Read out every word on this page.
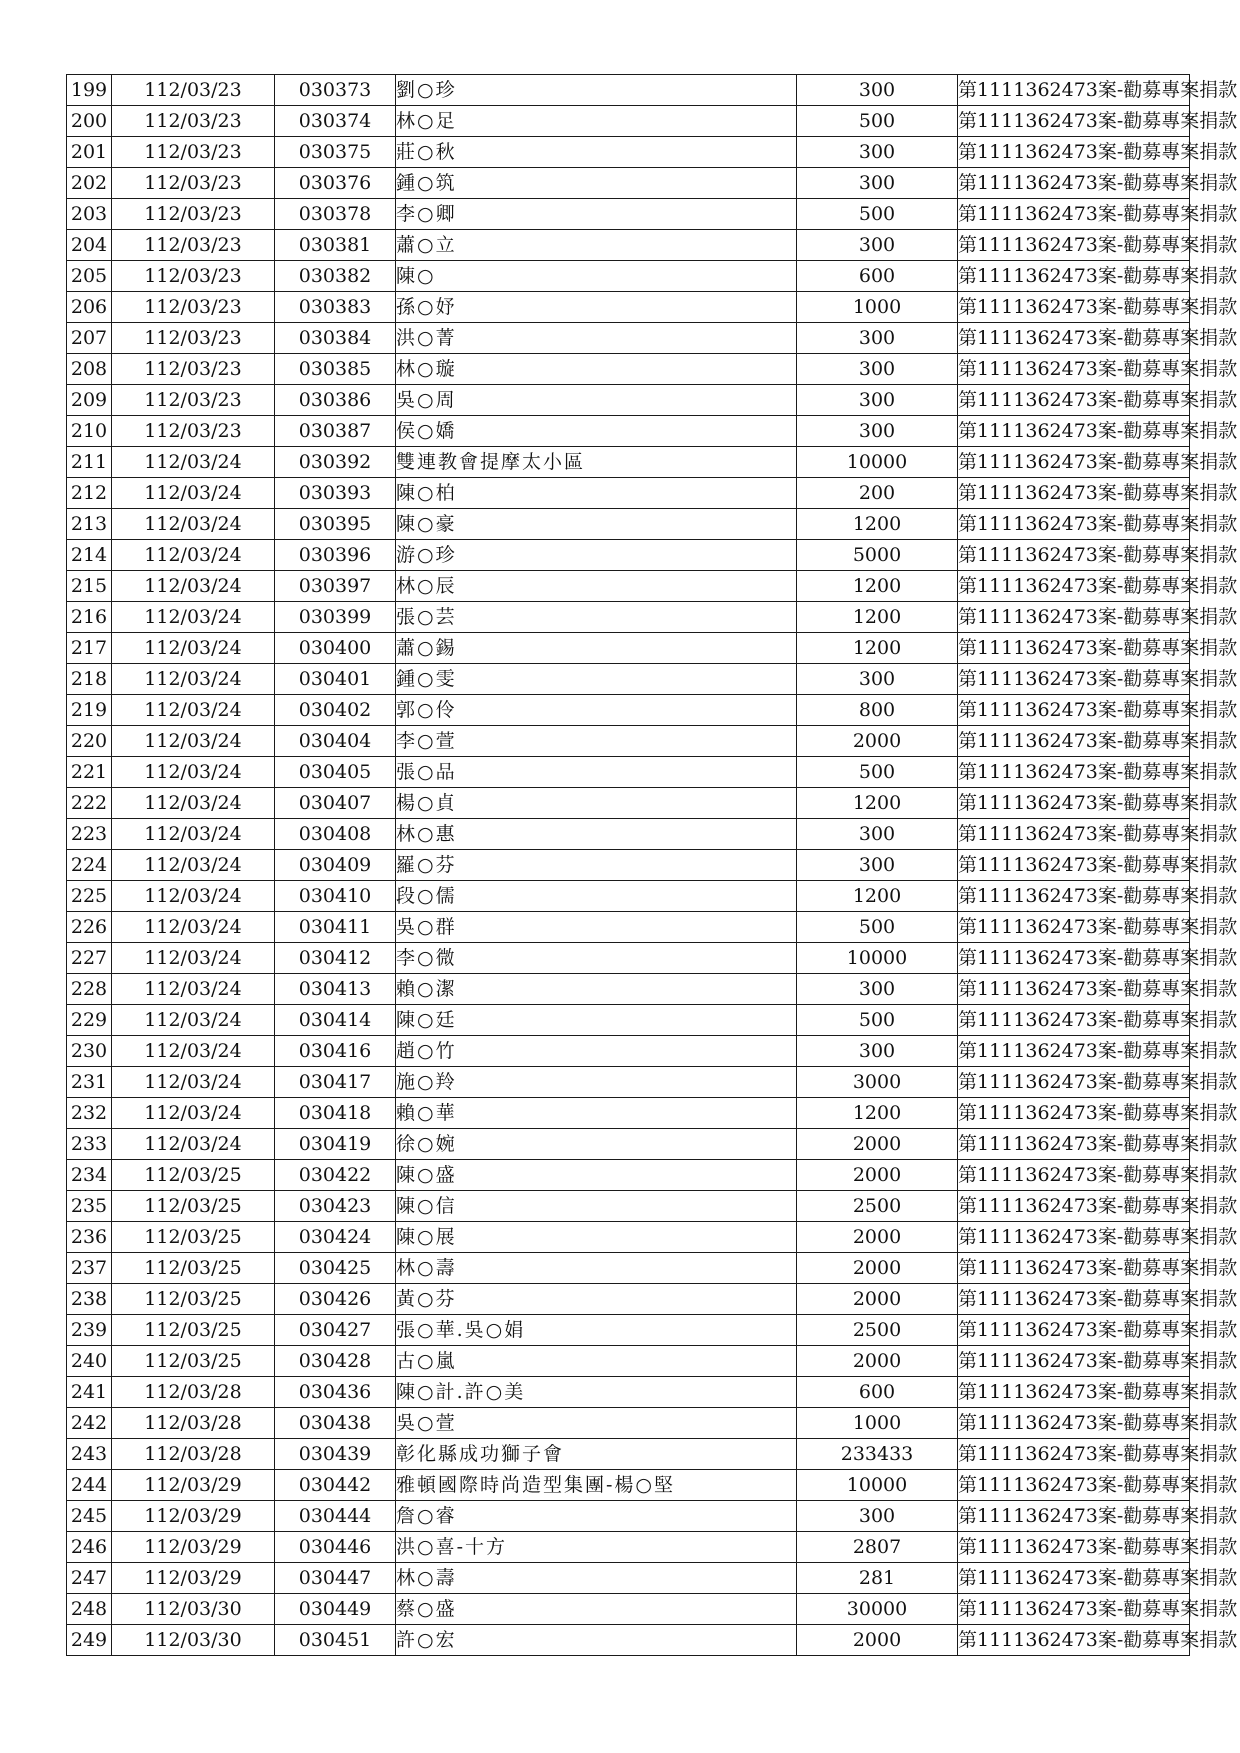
199	112/03/23	030373	劉○珍	300	第1111362473案-勸募專案捐款
200	112/03/23	030374	林○足	500	第1111362473案-勸募專案捐款
201	112/03/23	030375	莊○秋	300	第1111362473案-勸募專案捐款
202	112/03/23	030376	鍾○筑	300	第1111362473案-勸募專案捐款
203	112/03/23	030378	李○卿	500	第1111362473案-勸募專案捐款
204	112/03/23	030381	蕭○立	300	第1111362473案-勸募專案捐款
205	112/03/23	030382	陳○	600	第1111362473案-勸募專案捐款
206	112/03/23	030383	孫○妤	1000	第1111362473案-勸募專案捐款
207	112/03/23	030384	洪○菁	300	第1111362473案-勸募專案捐款
208	112/03/23	030385	林○璇	300	第1111362473案-勸募專案捐款
209	112/03/23	030386	吳○周	300	第1111362473案-勸募專案捐款
210	112/03/23	030387	侯○嬌	300	第1111362473案-勸募專案捐款
211	112/03/24	030392	雙連教會提摩太小區	10000	第1111362473案-勸募專案捐款
212	112/03/24	030393	陳○柏	200	第1111362473案-勸募專案捐款
213	112/03/24	030395	陳○豪	1200	第1111362473案-勸募專案捐款
214	112/03/24	030396	游○珍	5000	第1111362473案-勸募專案捐款
215	112/03/24	030397	林○辰	1200	第1111362473案-勸募專案捐款
216	112/03/24	030399	張○芸	1200	第1111362473案-勸募專案捐款
217	112/03/24	030400	蕭○錫	1200	第1111362473案-勸募專案捐款
218	112/03/24	030401	鍾○雯	300	第1111362473案-勸募專案捐款
219	112/03/24	030402	郭○伶	800	第1111362473案-勸募專案捐款
220	112/03/24	030404	李○萱	2000	第1111362473案-勸募專案捐款
221	112/03/24	030405	張○品	500	第1111362473案-勸募專案捐款
222	112/03/24	030407	楊○貞	1200	第1111362473案-勸募專案捐款
223	112/03/24	030408	林○惠	300	第1111362473案-勸募專案捐款
224	112/03/24	030409	羅○芬	300	第1111362473案-勸募專案捐款
225	112/03/24	030410	段○儒	1200	第1111362473案-勸募專案捐款
226	112/03/24	030411	吳○群	500	第1111362473案-勸募專案捐款
227	112/03/24	030412	李○微	10000	第1111362473案-勸募專案捐款
228	112/03/24	030413	賴○潔	300	第1111362473案-勸募專案捐款
229	112/03/24	030414	陳○廷	500	第1111362473案-勸募專案捐款
230	112/03/24	030416	趙○竹	300	第1111362473案-勸募專案捐款
231	112/03/24	030417	施○羚	3000	第1111362473案-勸募專案捐款
232	112/03/24	030418	賴○華	1200	第1111362473案-勸募專案捐款
233	112/03/24	030419	徐○婉	2000	第1111362473案-勸募專案捐款
234	112/03/25	030422	陳○盛	2000	第1111362473案-勸募專案捐款
235	112/03/25	030423	陳○信	2500	第1111362473案-勸募專案捐款
236	112/03/25	030424	陳○展	2000	第1111362473案-勸募專案捐款
237	112/03/25	030425	林○壽	2000	第1111362473案-勸募專案捐款
238	112/03/25	030426	黃○芬	2000	第1111362473案-勸募專案捐款
239	112/03/25	030427	張○華.吳○娟	2500	第1111362473案-勸募專案捐款
240	112/03/25	030428	古○嵐	2000	第1111362473案-勸募專案捐款
241	112/03/28	030436	陳○計.許○美	600	第1111362473案-勸募專案捐款
242	112/03/28	030438	吳○萱	1000	第1111362473案-勸募專案捐款
243	112/03/28	030439	彰化縣成功獅子會	233433	第1111362473案-勸募專案捐款
244	112/03/29	030442	雅頓國際時尚造型集團-楊○堅	10000	第1111362473案-勸募專案捐款
245	112/03/29	030444	詹○睿	300	第1111362473案-勸募專案捐款
246	112/03/29	030446	洪○喜-十方	2807	第1111362473案-勸募專案捐款
247	112/03/29	030447	林○壽	281	第1111362473案-勸募專案捐款
248	112/03/30	030449	蔡○盛	30000	第1111362473案-勸募專案捐款
249	112/03/30	030451	許○宏	2000	第1111362473案-勸募專案捐款
